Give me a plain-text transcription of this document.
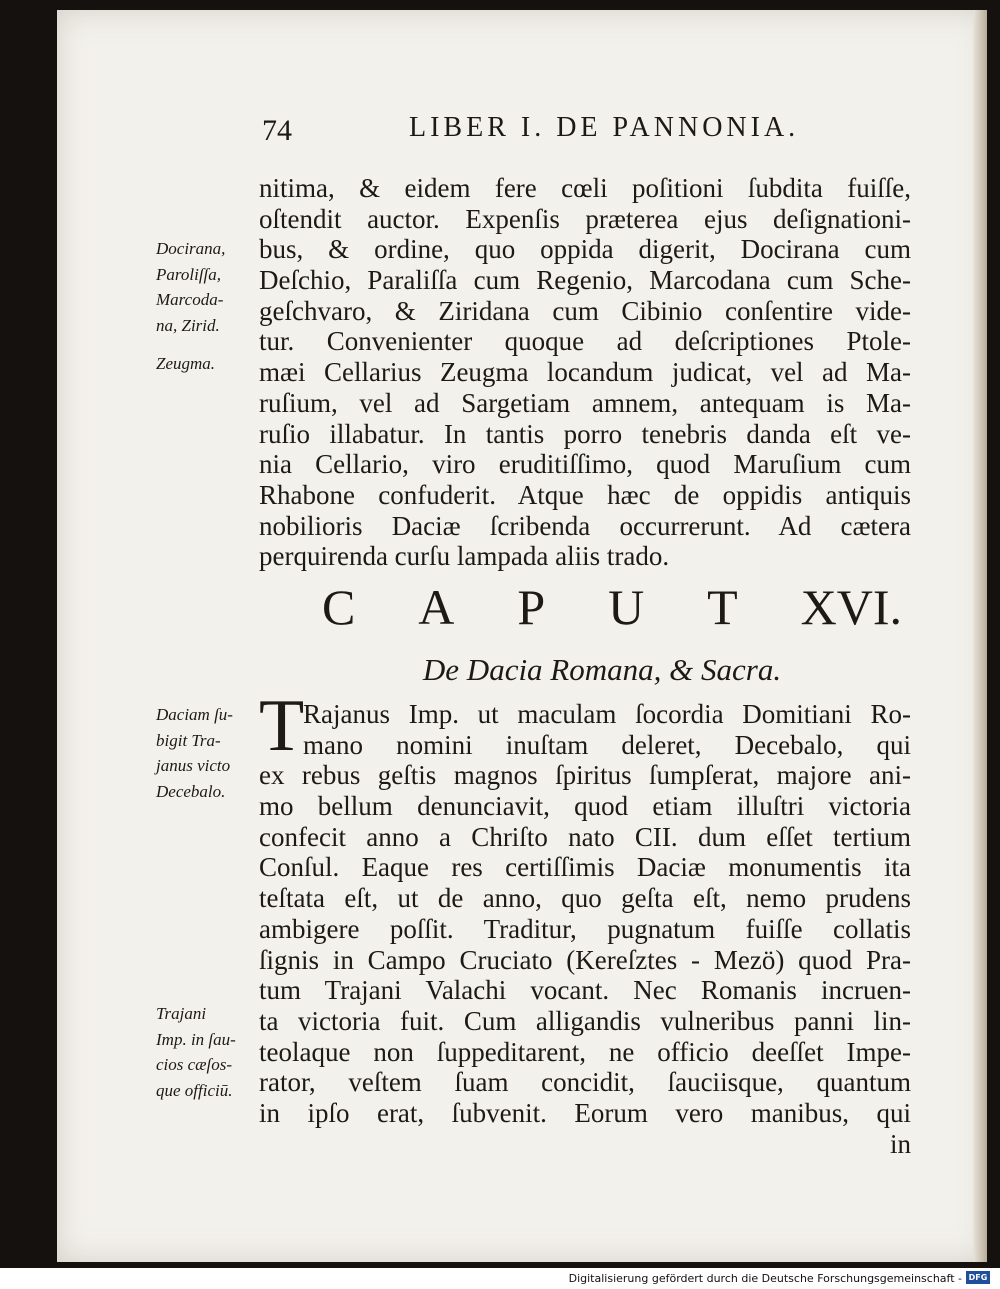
74	LIBER I. DE PANNONIA.
Docirana,
Paroliſſa,
Marcoda-
na, Zirid.
Zeugma.
Daciam ſu-
bigit Tra-
janus victo
Decebalo.
Trajani
Imp. in ſau-
cios cæſos-
que officiū.
nitima, & eidem fere cœli poſitioni ſubdita fuiſſe,
oſtendit auctor. Expenſis præterea ejus deſignationi-
bus, & ordine, quo oppida digerit, Docirana cum
Deſchio, Paraliſſa cum Regenio, Marcodana cum Sche-
geſchvaro, & Ziridana cum Cibinio conſentire vide-
tur. Convenienter quoque ad deſcriptiones Ptole-
mæi Cellarius Zeugma locandum judicat, vel ad Ma-
ruſium, vel ad Sargetiam amnem, antequam is Ma-
ruſio illabatur. In tantis porro tenebris danda eſt ve-
nia Cellario, viro eruditiſſimo, quod Maruſium cum
Rhabone confuderit. Atque hæc de oppidis antiquis
nobilioris Daciæ ſcribenda occurrerunt. Ad cætera
perquirenda curſu lampada aliis trado.
C A P U T XVI.
De Dacia Romana, & Sacra.
T
Rajanus Imp. ut maculam ſocordia Domitiani Ro-
mano nomini inuſtam deleret, Decebalo, qui
ex rebus geſtis magnos ſpiritus ſumpſerat, majore ani-
mo bellum denunciavit, quod etiam illuſtri victoria
confecit anno a Chriſto nato CII. dum eſſet tertium
Conſul. Eaque res certiſſimis Daciæ monumentis ita
teſtata eſt, ut de anno, quo geſta eſt, nemo prudens
ambigere poſſit. Traditur, pugnatum fuiſſe collatis
ſignis in Campo Cruciato (Kereſztes - Mezö) quod Pra-
tum Trajani Valachi vocant. Nec Romanis incruen-
ta victoria fuit. Cum alligandis vulneribus panni lin-
teolaque non ſuppeditarent, ne officio deeſſet Impe-
rator, veſtem ſuam concidit, ſauciisque, quantum
in ipſo erat, ſubvenit. Eorum vero manibus, qui
in
Digitalisierung gefördert durch die Deutsche Forschungsgemeinschaft - DFG
